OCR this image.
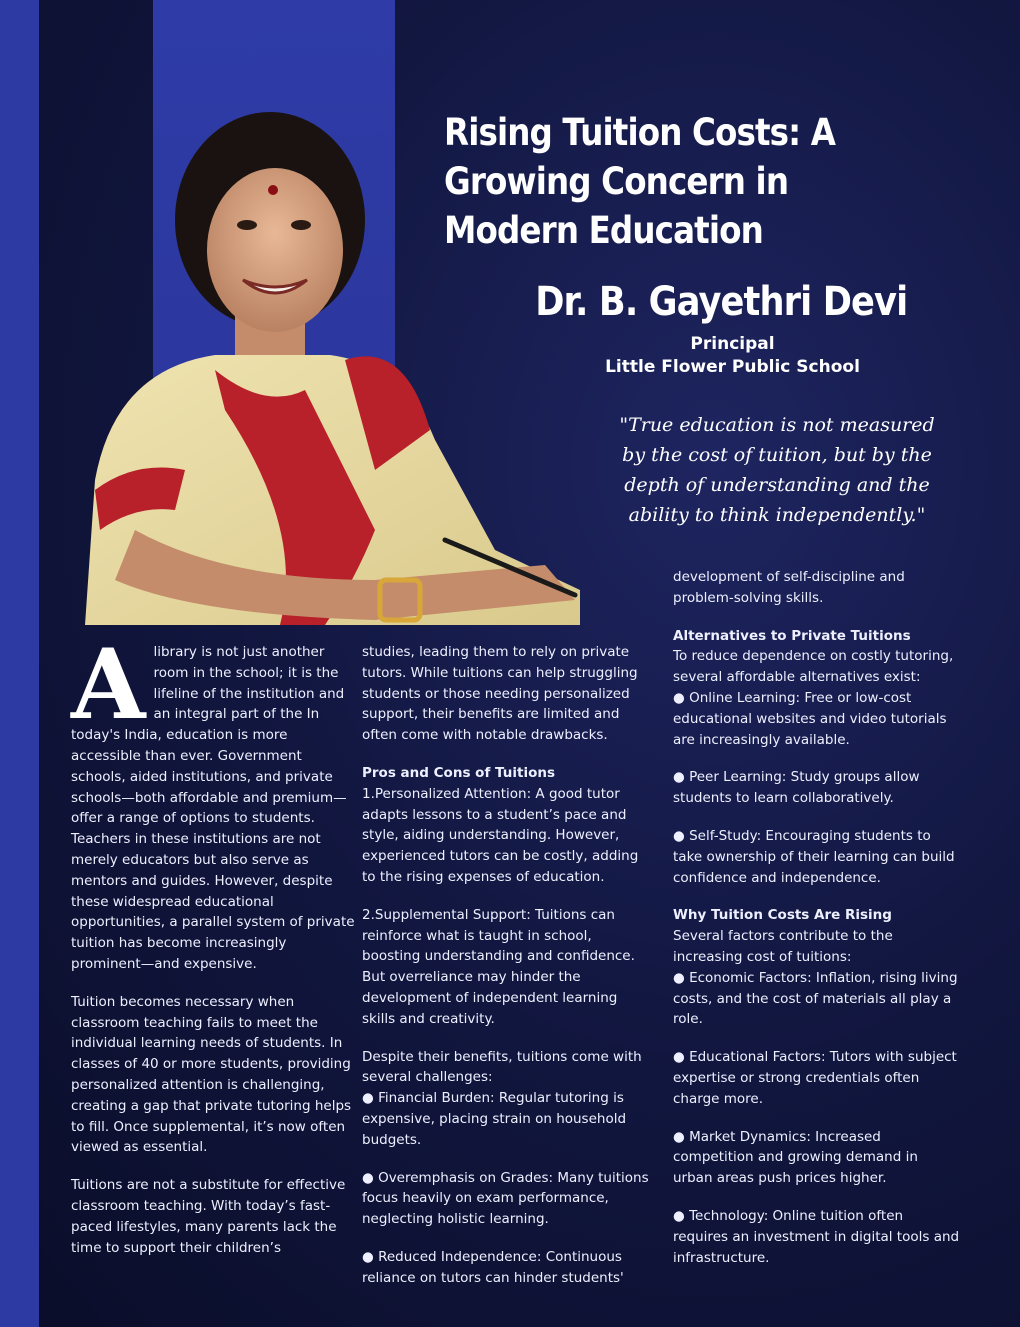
Rising Tuition Costs: A Growing Concern in Modern Education
Dr. B. Gayethri Devi
Principal
Little Flower Public School
"True education is not measured by the cost of tuition, but by the depth of understanding and the ability to think independently."

Alibrary is not just another room in the school; it is the lifeline of the institution and an integral part of the In today's India, education is more accessible than ever. Government schools, aided institutions, and private schools—both affordable and premium—offer a range of options to students. Teachers in these institutions are not merely educators but also serve as mentors and guides. However, despite these widespread educational opportunities, a parallel system of private tuition has become increasingly prominent—and expensive.

Tuition becomes necessary when classroom teaching fails to meet the individual learning needs of students. In classes of 40 or more students, providing personalized attention is challenging, creating a gap that private tutoring helps to fill. Once supplemental, it’s now often viewed as essential.

Tuitions are not a substitute for effective classroom teaching. With today’s fast-paced lifestyles, many parents lack the time to support their children’s

studies, leading them to rely on private tutors. While tuitions can help struggling students or those needing personalized support, their benefits are limited and often come with notable drawbacks.

Pros and Cons of Tuitions

1.Personalized Attention: A good tutor adapts lessons to a student’s pace and style, aiding understanding. However, experienced tutors can be costly, adding to the rising expenses of education.

2.Supplemental Support: Tuitions can reinforce what is taught in school, boosting understanding and confidence. But overreliance may hinder the development of independent learning skills and creativity.

Despite their benefits, tuitions come with several challenges:

● Financial Burden: Regular tutoring is expensive, placing strain on household budgets.
● Overemphasis on Grades: Many tuitions focus heavily on exam performance, neglecting holistic learning.
● Reduced Independence: Continuous reliance on tutors can hinder students'

development of self-discipline and problem-solving skills.

Alternatives to Private Tuitions

To reduce dependence on costly tutoring, several affordable alternatives exist:

● Online Learning: Free or low-cost educational websites and video tutorials are increasingly available.
● Peer Learning: Study groups allow students to learn collaboratively.
● Self-Study: Encouraging students to take ownership of their learning can build confidence and independence.
Why Tuition Costs Are Rising

Several factors contribute to the increasing cost of tuitions:

● Economic Factors: Inflation, rising living costs, and the cost of materials all play a role.
● Educational Factors: Tutors with subject expertise or strong credentials often charge more.
● Market Dynamics: Increased competition and growing demand in urban areas push prices higher.
● Technology: Online tuition often requires an investment in digital tools and infrastructure.
